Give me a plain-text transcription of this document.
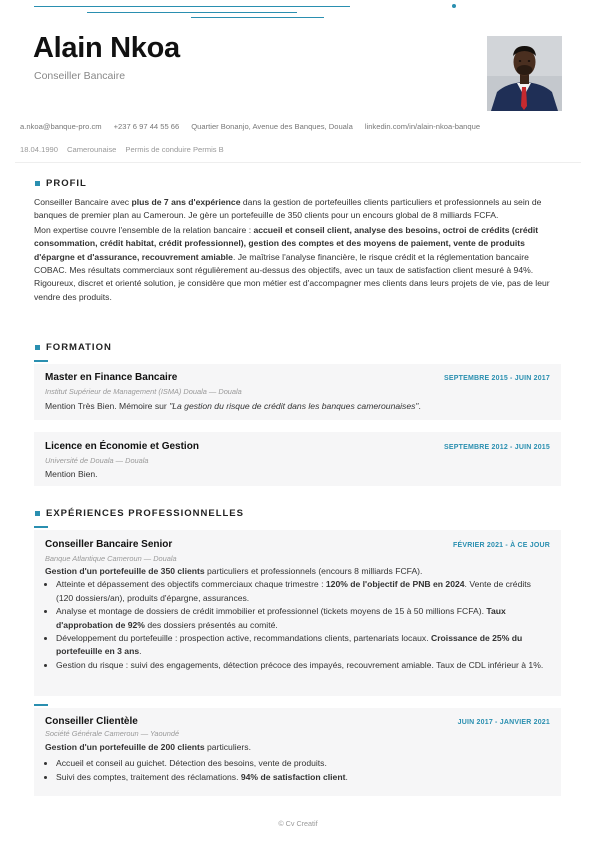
Alain Nkoa
Conseiller Bancaire
a.nkoa@banque-pro.cm +237 6 97 44 55 66 Quartier Bonanjo, Avenue des Banques, Douala linkedin.com/in/alain-nkoa-banque
18.04.1990 Camerounaise Permis de conduire Permis B
PROFIL

Conseiller Bancaire avec plus de 7 ans d'expérience dans la gestion de portefeuilles clients particuliers et professionnels au sein de banques de premier plan au Cameroun. Je gère un portefeuille de 350 clients pour un encours global de 8 milliards FCFA.

Mon expertise couvre l'ensemble de la relation bancaire : accueil et conseil client, analyse des besoins, octroi de crédits (crédit consommation, crédit habitat, crédit professionnel), gestion des comptes et des moyens de paiement, vente de produits d'épargne et d'assurance, recouvrement amiable. Je maîtrise l'analyse financière, le risque crédit et la réglementation bancaire COBAC. Mes résultats commerciaux sont régulièrement au-dessus des objectifs, avec un taux de satisfaction client mesuré à 94%. Rigoureux, discret et orienté solution, je considère que mon métier est d'accompagner mes clients dans leurs projets de vie, pas de leur vendre des produits.

FORMATION
Master en Finance Bancaire	SEPTEMBRE 2015 - JUIN 2017
Institut Supérieur de Management (ISMA) Douala — Douala

Mention Très Bien. Mémoire sur "La gestion du risque de crédit dans les banques camerounaises".

Licence en Économie et Gestion	SEPTEMBRE 2012 - JUIN 2015
Université de Douala — Douala

Mention Bien.

EXPÉRIENCES PROFESSIONNELLES
Conseiller Bancaire Senior	FÉVRIER 2021 - À CE JOUR
Banque Atlantique Cameroun — Douala

Gestion d'un portefeuille de 350 clients particuliers et professionnels (encours 8 milliards FCFA).

• Atteinte et dépassement des objectifs commerciaux chaque trimestre : 120% de l'objectif de PNB en 2024. Vente de crédits (120 dossiers/an), produits d'épargne, assurances.
• Analyse et montage de dossiers de crédit immobilier et professionnel (tickets moyens de 15 à 50 millions FCFA). Taux d'approbation de 92% des dossiers présentés au comité.
• Développement du portefeuille : prospection active, recommandations clients, partenariats locaux. Croissance de 25% du portefeuille en 3 ans.
• Gestion du risque : suivi des engagements, détection précoce des impayés, recouvrement amiable. Taux de CDL inférieur à 1%.
Conseiller Clientèle	JUIN 2017 - JANVIER 2021
Société Générale Cameroun — Yaoundé

Gestion d'un portefeuille de 200 clients particuliers.

• Accueil et conseil au guichet. Détection des besoins, vente de produits.
• Suivi des comptes, traitement des réclamations. 94% de satisfaction client.
© Cv Creatif
